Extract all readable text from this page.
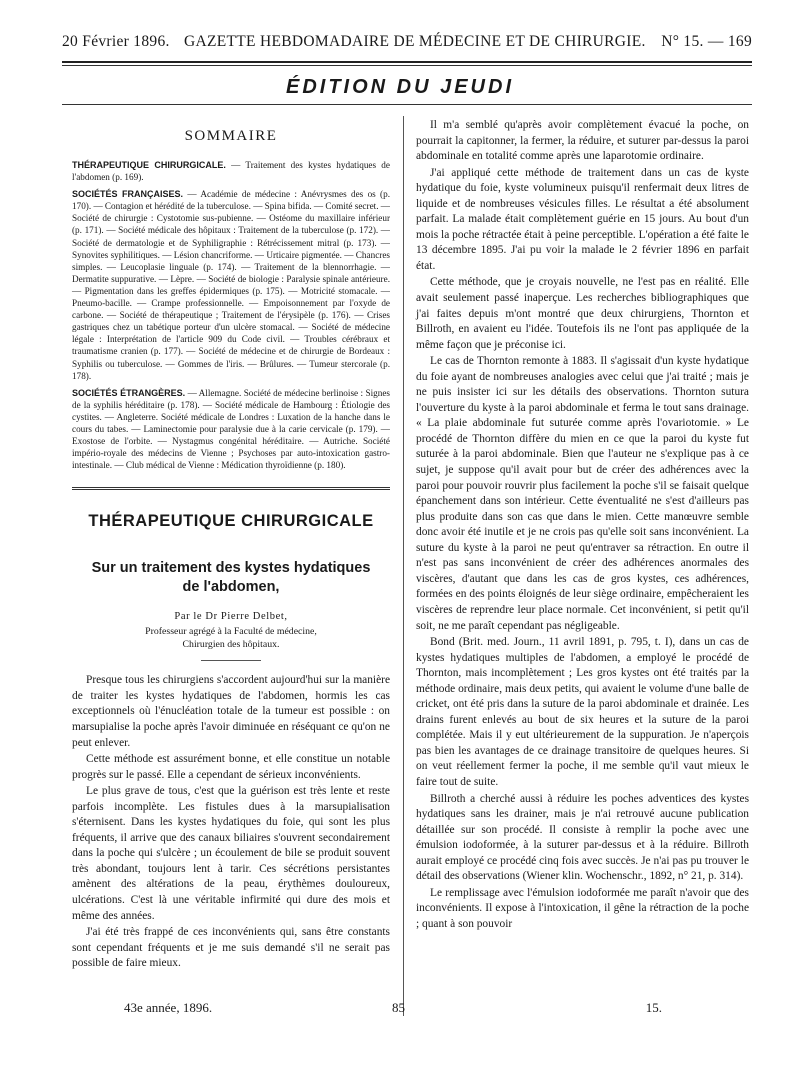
20 Février 1896. GAZETTE HEBDOMADAIRE DE MÉDECINE ET DE CHIRURGIE. N° 15. — 169
ÉDITION DU JEUDI
SOMMAIRE

THÉRAPEUTIQUE CHIRURGICALE. — Traitement des kystes hydatiques de l'abdomen (p. 169).

SOCIÉTÉS FRANÇAISES. — Académie de médecine : Anévrysmes des os (p. 170). — Contagion et hérédité de la tuberculose. — Spina bifida. — Comité secret. — Société de chirurgie : Cystotomie sus-pubienne. — Ostéome du maxillaire inférieur (p. 171). — Société médicale des hôpitaux : Traitement de la tuberculose (p. 172). — Société de dermatologie et de Syphiligraphie : Rétrécissement mitral (p. 173). — Synovites syphilitiques. — Lésion chancriforme. — Urticaire pigmentée. — Chancres simples. — Leucoplasie linguale (p. 174). — Traitement de la blennorrhagie. — Dermatite suppurative. — Lèpre. — Société de biologie : Paralysie spinale antérieure. — Pigmentation dans les greffes épidermiques (p. 175). — Motricité stomacale. — Pneumo-bacille. — Crampe professionnelle. — Empoisonnement par l'oxyde de carbone. — Société de thérapeutique ; Traitement de l'érysipèle (p. 176). — Crises gastriques chez un tabétique porteur d'un ulcère stomacal. — Société de médecine légale : Interprétation de l'article 909 du Code civil. — Troubles cérébraux et traumatisme cranien (p. 177). — Société de médecine et de chirurgie de Bordeaux : Syphilis ou tuberculose. — Gommes de l'iris. — Brûlures. — Tumeur stercorale (p. 178).

SOCIÉTÉS ÉTRANGÈRES. — Allemagne. Société de médecine berlinoise : Signes de la syphilis héréditaire (p. 178). — Société médicale de Hambourg : Étiologie des cystites. — Angleterre. Société médicale de Londres : Luxation de la hanche dans le cours du tabes. — Laminectomie pour paralysie due à la carie cervicale (p. 179). — Exostose de l'orbite. — Nystagmus congénital héréditaire. — Autriche. Société império-royale des médecins de Vienne ; Psychoses par auto-intoxication gastro-intestinale. — Club médical de Vienne : Médication thyroïdienne (p. 180).

THÉRAPEUTIQUE CHIRURGICALE
Sur un traitement des kystes hydatiques
de l'abdomen,
Par le Dr Pierre Delbet,
Professeur agrégé à la Faculté de médecine,
Chirurgien des hôpitaux.

Presque tous les chirurgiens s'accordent aujourd'hui sur la manière de traiter les kystes hydatiques de l'abdomen, hormis les cas exceptionnels où l'énucléation totale de la tumeur est possible : on marsupialise la poche après l'avoir diminuée en réséquant ce qu'on ne peut enlever.

Cette méthode est assurément bonne, et elle constitue un notable progrès sur le passé. Elle a cependant de sérieux inconvénients.

Le plus grave de tous, c'est que la guérison est très lente et reste parfois incomplète. Les fistules dues à la marsupialisation s'éternisent. Dans les kystes hydatiques du foie, qui sont les plus fréquents, il arrive que des canaux biliaires s'ouvrent secondairement dans la poche qui s'ulcère ; un écoulement de bile se produit souvent très abondant, toujours lent à tarir. Ces sécrétions persistantes amènent des altérations de la peau, érythèmes douloureux, ulcérations. C'est là une véritable infirmité qui dure des mois et même des années.

J'ai été très frappé de ces inconvénients qui, sans être constants sont cependant fréquents et je me suis demandé s'il ne serait pas possible de faire mieux.

Il m'a semblé qu'après avoir complètement évacué la poche, on pourrait la capitonner, la fermer, la réduire, et suturer par-dessus la paroi abdominale en totalité comme après une laparotomie ordinaire.

J'ai appliqué cette méthode de traitement dans un cas de kyste hydatique du foie, kyste volumineux puisqu'il renfermait deux litres de liquide et de nombreuses vésicules filles. Le résultat a été absolument parfait. La malade était complètement guérie en 15 jours. Au bout d'un mois la poche rétractée était à peine perceptible. L'opération a été faite le 13 décembre 1895. J'ai pu voir la malade le 2 février 1896 en parfait état.

Cette méthode, que je croyais nouvelle, ne l'est pas en réalité. Elle avait seulement passé inaperçue. Les recherches bibliographiques que j'ai faites depuis m'ont montré que deux chirurgiens, Thornton et Billroth, en avaient eu l'idée. Toutefois ils ne l'ont pas appliquée de la même façon que je préconise ici.

Le cas de Thornton remonte à 1883. Il s'agissait d'un kyste hydatique du foie ayant de nombreuses analogies avec celui que j'ai traité ; mais je ne puis insister ici sur les détails des observations. Thornton sutura l'ouverture du kyste à la paroi abdominale et ferma le tout sans drainage. « La plaie abdominale fut suturée comme après l'ovariotomie. » Le procédé de Thornton diffère du mien en ce que la paroi du kyste fut suturée à la paroi abdominale. Bien que l'auteur ne s'explique pas à ce sujet, je suppose qu'il avait pour but de créer des adhérences avec la paroi pour pouvoir rouvrir plus facilement la poche s'il se faisait quelque épanchement dans son intérieur. Cette éventualité ne s'est d'ailleurs pas plus produite dans son cas que dans le mien. Cette manœuvre semble donc avoir été inutile et je ne crois pas qu'elle soit sans inconvénient. La suture du kyste à la paroi ne peut qu'entraver sa rétraction. En outre il n'est pas sans inconvénient de créer des adhérences anormales des viscères, d'autant que dans les cas de gros kystes, ces adhérences, formées en des points éloignés de leur siège ordinaire, empêcheraient les viscères de reprendre leur place normale. Cet inconvénient, si petit qu'il soit, ne me paraît cependant pas négligeable.

Bond (Brit. med. Journ., 11 avril 1891, p. 795, t. I), dans un cas de kystes hydatiques multiples de l'abdomen, a employé le procédé de Thornton, mais incomplètement ; Les gros kystes ont été traités par la méthode ordinaire, mais deux petits, qui avaient le volume d'une balle de cricket, ont été pris dans la suture de la paroi abdominale et drainée. Les drains furent enlevés au bout de six heures et la suture de la paroi complétée. Mais il y eut ultérieurement de la suppuration. Je n'aperçois pas bien les avantages de ce drainage transitoire de quelques heures. Si on veut réellement fermer la poche, il me semble qu'il vaut mieux le faire tout de suite.

Billroth a cherché aussi à réduire les poches adventices des kystes hydatiques sans les drainer, mais je n'ai retrouvé aucune publication détaillée sur son procédé. Il consiste à remplir la poche avec une émulsion iodoformée, à la suturer par-dessus et à la réduire. Billroth aurait employé ce procédé cinq fois avec succès. Je n'ai pas pu trouver le détail des observations (Wiener klin. Wochenschr., 1892, n° 21, p. 314).

Le remplissage avec l'émulsion iodoformée me paraît n'avoir que des inconvénients. Il expose à l'intoxication, il gêne la rétraction de la poche ; quant à son pouvoir

43e année, 1896.	85	15.
